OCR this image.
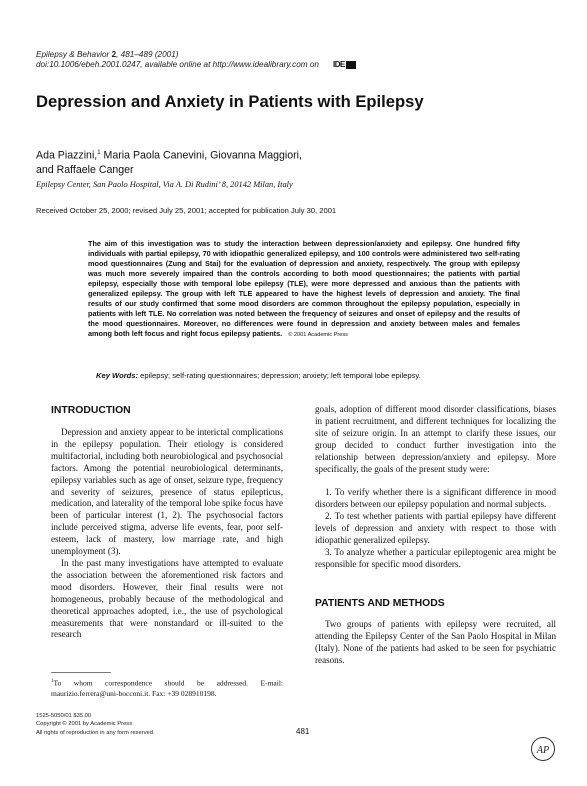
Epilepsy & Behavior 2, 481–489 (2001)
doi:10.1006/ebeh.2001.0247, available online at http://www.idealibrary.com on IDE
Depression and Anxiety in Patients with Epilepsy
Ada Piazzini,$^1$ Maria Paola Canevini, Giovanna Maggiori,
and Raffaele Canger
Epilepsy Center, San Paolo Hospital, Via A. Di Rudini’ 8, 20142 Milan, Italy
Received October 25, 2000; revised July 25, 2001; accepted for publication July 30, 2001

The aim of this investigation was to study the interaction between depression/anxiety and epilepsy. One hundred fifty individuals with partial epilepsy, 70 with idiopathic generalized epilepsy, and 100 controls were administered two self-rating mood questionnaires (Zung and Stai) for the evaluation of depression and anxiety, respectively. The group with epilepsy was much more severely impaired than the controls according to both mood questionnaires; the patients with partial epilepsy, especially those with temporal lobe epilepsy (TLE), were more depressed and anxious than the patients with generalized epilepsy. The group with left TLE appeared to have the highest levels of depression and anxiety. The final results of our study confirmed that some mood disorders are common throughout the epilepsy population, especially in patients with left TLE. No correlation was noted between the frequency of seizures and onset of epilepsy and the results of the mood questionnaires. Moreover, no differences were found in depression and anxiety between males and females among both left focus and right focus epilepsy patients. © 2001 Academic Press

Key Words: epilepsy; self-rating questionnaires; depression; anxiety; left temporal lobe epilepsy.
INTRODUCTION

Depression and anxiety appear to be interictal complications in the epilepsy population. Their etiology is considered multifactorial, including both neurobiological and psychosocial factors. Among the potential neurobiological determinants, epilepsy variables such as age of onset, seizure type, frequency and severity of seizures, presence of status epilepticus, medication, and laterality of the temporal lobe spike focus have been of particular interest (1, 2). The psychosocial factors include perceived stigma, adverse life events, fear, poor self-esteem, lack of mastery, low marriage rate, and high unemployment (3).

In the past many investigations have attempted to evaluate the association between the aforementioned risk factors and mood disorders. However, their final results were not homogeneous, probably because of the methodological and theoretical approaches adopted, i.e., the use of psychological measurements that were nonstandard or ill-suited to the research

goals, adoption of different mood disorder classifications, biases in patient recruitment, and different techniques for localizing the site of seizure origin. In an attempt to clarify these issues, our group decided to conduct further investigation into the relationship between depression/anxiety and epilepsy. More specifically, the goals of the present study were:

1. To verify whether there is a significant difference in mood disorders between our epilepsy population and normal subjects.

2. To test whether patients with partial epilepsy have different levels of depression and anxiety with respect to those with idiopathic generalized epilepsy.

3. To analyze whether a particular epileptogenic area might be responsible for specific mood disorders.

PATIENTS AND METHODS

Two groups of patients with epilepsy were recruited, all attending the Epilepsy Center of the San Paolo Hospital in Milan (Italy). None of the patients had asked to be seen for psychiatric reasons.

$^1$To whom correspondence should be addressed. E-mail: maurizio.ferrera@uni-bocconi.it. Fax: +39 028910198.
1525-5050/01 $35.00
Copyright © 2001 by Academic Press
All rights of reproduction in any form reserved.	481
AP
